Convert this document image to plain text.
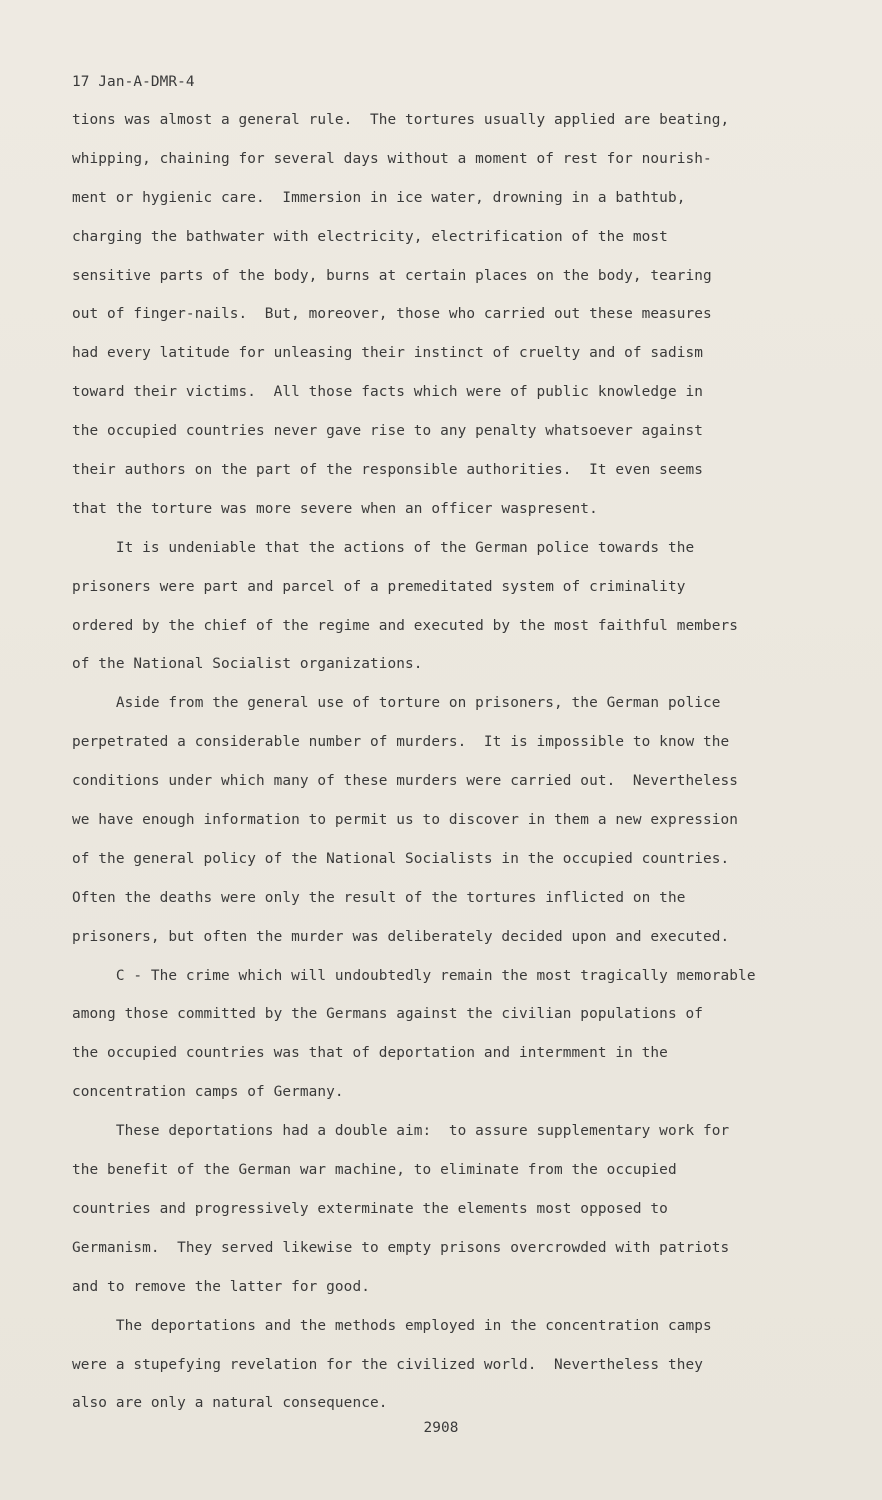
17 Jan-A-DMR-4
tions was almost a general rule.  The tortures usually applied are beating,
whipping, chaining for several days without a moment of rest for nourish-
ment or hygienic care.  Immersion in ice water, drowning in a bathtub,
charging the bathwater with electricity, electrification of the most
sensitive parts of the body, burns at certain places on the body, tearing
out of finger-nails.  But, moreover, those who carried out these measures
had every latitude for unleasing their instinct of cruelty and of sadism
toward their victims.  All those facts which were of public knowledge in
the occupied countries never gave rise to any penalty whatsoever against
their authors on the part of the responsible authorities.  It even seems
that the torture was more severe when an officer waspresent.
It is undeniable that the actions of the German police towards the
prisoners were part and parcel of a premeditated system of criminality
ordered by the chief of the regime and executed by the most faithful members
of the National Socialist organizations.
Aside from the general use of torture on prisoners, the German police
perpetrated a considerable number of murders.  It is impossible to know the
conditions under which many of these murders were carried out.  Nevertheless
we have enough information to permit us to discover in them a new expression
of the general policy of the National Socialists in the occupied countries.
Often the deaths were only the result of the tortures inflicted on the
prisoners, but often the murder was deliberately decided upon and executed.
C - The crime which will undoubtedly remain the most tragically memorable
among those committed by the Germans against the civilian populations of
the occupied countries was that of deportation and intermment in the
concentration camps of Germany.
These deportations had a double aim:  to assure supplementary work for
the benefit of the German war machine, to eliminate from the occupied
countries and progressively exterminate the elements most opposed to
Germanism.  They served likewise to empty prisons overcrowded with patriots
and to remove the latter for good.
The deportations and the methods employed in the concentration camps
were a stupefying revelation for the civilized world.  Nevertheless they
also are only a natural consequence.
2908
